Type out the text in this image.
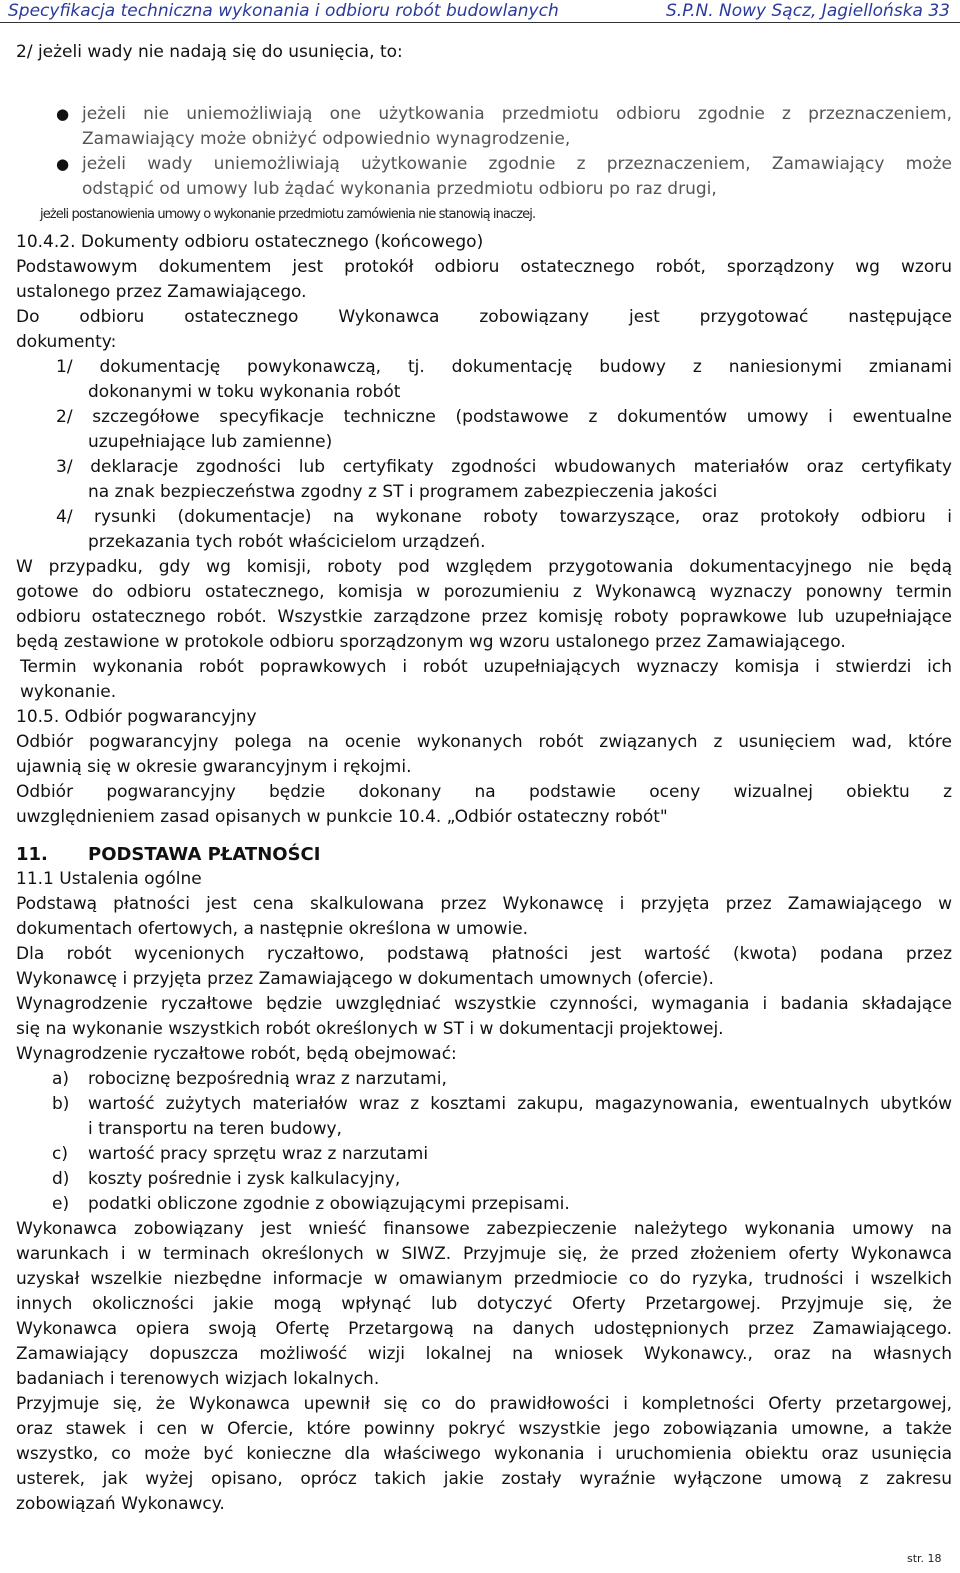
Specyfikacja techniczna wykonania i odbioru robót budowlanych	S.P.N. Nowy Sącz, Jagiellońska 33

2/ jeżeli wady nie nadają się do usunięcia, to:

● jeżeli nie uniemożliwiają one użytkowania przedmiotu odbioru zgodnie z przeznaczeniem,

Zamawiający może obniżyć odpowiednio wynagrodzenie,

● jeżeli wady uniemożliwiają użytkowanie zgodnie z przeznaczeniem, Zamawiający może

odstąpić od umowy lub żądać wykonania przedmiotu odbioru po raz drugi,

jeżeli postanowienia umowy o wykonanie przedmiotu zamówienia nie stanowią inaczej.

10.4.2. Dokumenty odbioru ostatecznego (końcowego)

Podstawowym dokumentem jest protokół odbioru ostatecznego robót, sporządzony wg wzoru

ustalonego przez Zamawiającego.

Do odbioru ostatecznego Wykonawca zobowiązany jest przygotować następujące

dokumenty:

1/ dokumentację powykonawczą, tj. dokumentację budowy z naniesionymi zmianami

dokonanymi w toku wykonania robót

2/ szczegółowe specyfikacje techniczne (podstawowe z dokumentów umowy i ewentualne

uzupełniające lub zamienne)

3/ deklaracje zgodności lub certyfikaty zgodności wbudowanych materiałów oraz certyfikaty

na znak bezpieczeństwa zgodny z ST i programem zabezpieczenia jakości

4/ rysunki (dokumentacje) na wykonane roboty towarzyszące, oraz protokoły odbioru i

przekazania tych robót właścicielom urządzeń.

W przypadku, gdy wg komisji, roboty pod względem przygotowania dokumentacyjnego nie będą

gotowe do odbioru ostatecznego, komisja w porozumieniu z Wykonawcą wyznaczy ponowny termin

odbioru ostatecznego robót. Wszystkie zarządzone przez komisję roboty poprawkowe lub uzupełniające

będą zestawione w protokole odbioru sporządzonym wg wzoru ustalonego przez Zamawiającego.

Termin wykonania robót poprawkowych i robót uzupełniających wyznaczy komisja i stwierdzi ich

wykonanie.

10.5. Odbiór pogwarancyjny

Odbiór pogwarancyjny polega na ocenie wykonanych robót związanych z usunięciem wad, które

ujawnią się w okresie gwarancyjnym i rękojmi.

Odbiór pogwarancyjny będzie dokonany na podstawie oceny wizualnej obiektu z

uwzględnieniem zasad opisanych w punkcie 10.4. „Odbiór ostateczny robót"

11. PODSTAWA PŁATNOŚCI

11.1 Ustalenia ogólne

Podstawą płatności jest cena skalkulowana przez Wykonawcę i przyjęta przez Zamawiającego w

dokumentach ofertowych, a następnie określona w umowie.

Dla robót wycenionych ryczałtowo, podstawą płatności jest wartość (kwota) podana przez

Wykonawcę i przyjęta przez Zamawiającego w dokumentach umownych (ofercie).

Wynagrodzenie ryczałtowe będzie uwzględniać wszystkie czynności, wymagania i badania składające

się na wykonanie wszystkich robót określonych w ST i w dokumentacji projektowej.

Wynagrodzenie ryczałtowe robót, będą obejmować:

a) robociznę bezpośrednią wraz z narzutami,

b) wartość zużytych materiałów wraz z kosztami zakupu, magazynowania, ewentualnych ubytków

i transportu na teren budowy,

c) wartość pracy sprzętu wraz z narzutami

d) koszty pośrednie i zysk kalkulacyjny,

e) podatki obliczone zgodnie z obowiązującymi przepisami.

Wykonawca zobowiązany jest wnieść finansowe zabezpieczenie należytego wykonania umowy na

warunkach i w terminach określonych w SIWZ. Przyjmuje się, że przed złożeniem oferty Wykonawca

uzyskał wszelkie niezbędne informacje w omawianym przedmiocie co do ryzyka, trudności i wszelkich

innych okoliczności jakie mogą wpłynąć lub dotyczyć Oferty Przetargowej. Przyjmuje się, że

Wykonawca opiera swoją Ofertę Przetargową na danych udostępnionych przez Zamawiającego.

Zamawiający dopuszcza możliwość wizji lokalnej na wniosek Wykonawcy., oraz na własnych

badaniach i terenowych wizjach lokalnych.

Przyjmuje się, że Wykonawca upewnił się co do prawidłowości i kompletności Oferty przetargowej,

oraz stawek i cen w Ofercie, które powinny pokryć wszystkie jego zobowiązania umowne, a także

wszystko, co może być konieczne dla właściwego wykonania i uruchomienia obiektu oraz usunięcia

usterek, jak wyżej opisano, oprócz takich jakie zostały wyraźnie wyłączone umową z zakresu

zobowiązań Wykonawcy.

str. 18
